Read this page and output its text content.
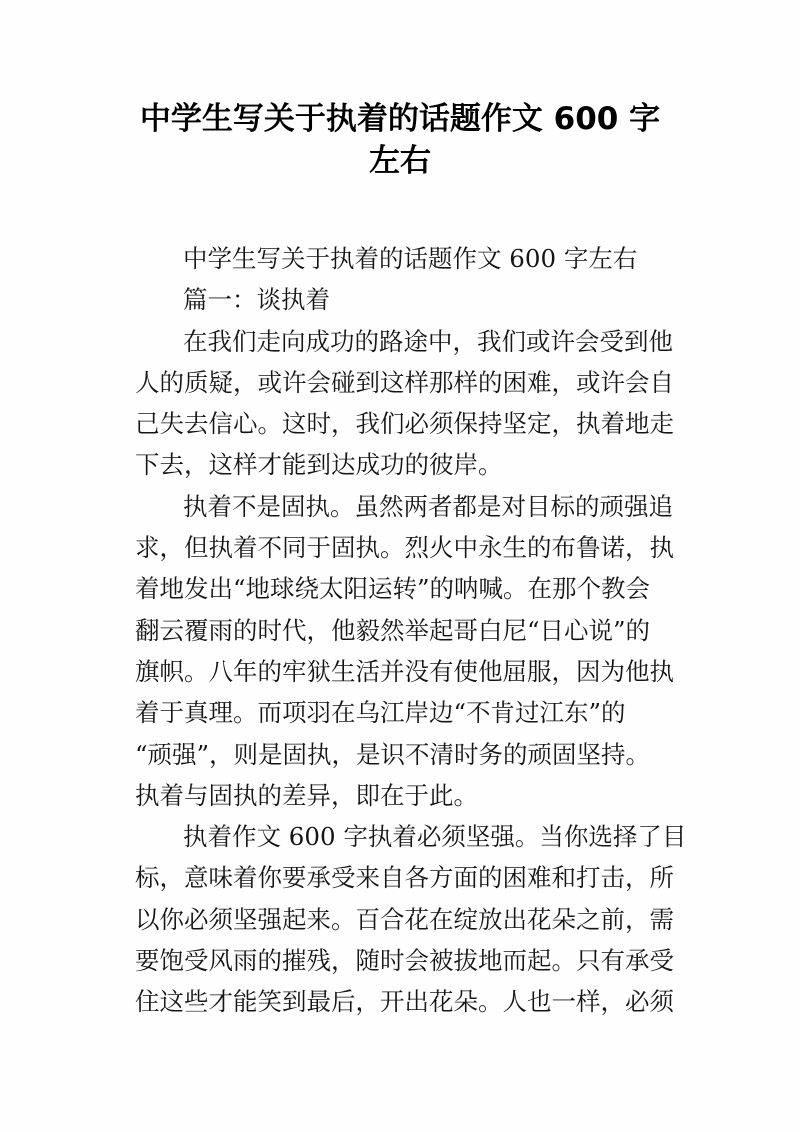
中学生写关于执着的话题作文 600 字
左右
中学生写关于执着的话题作文 600 字左右
篇一：谈执着
在我们走向成功的路途中，我们或许会受到他
人的质疑，或许会碰到这样那样的困难，或许会自
己失去信心。这时，我们必须保持坚定，执着地走
下去，这样才能到达成功的彼岸。
执着不是固执。虽然两者都是对目标的顽强追
求，但执着不同于固执。烈火中永生的布鲁诺，执
着地发出“地球绕太阳运转”的呐喊。在那个教会
翻云覆雨的时代，他毅然举起哥白尼“日心说”的
旗帜。八年的牢狱生活并没有使他屈服，因为他执
着于真理。而项羽在乌江岸边“不肯过江东”的
“顽强”，则是固执，是识不清时务的顽固坚持。
执着与固执的差异，即在于此。
执着作文 600 字执着必须坚强。当你选择了目
标，意味着你要承受来自各方面的困难和打击，所
以你必须坚强起来。百合花在绽放出花朵之前，需
要饱受风雨的摧残，随时会被拔地而起。只有承受
住这些才能笑到最后，开出花朵。人也一样，必须
